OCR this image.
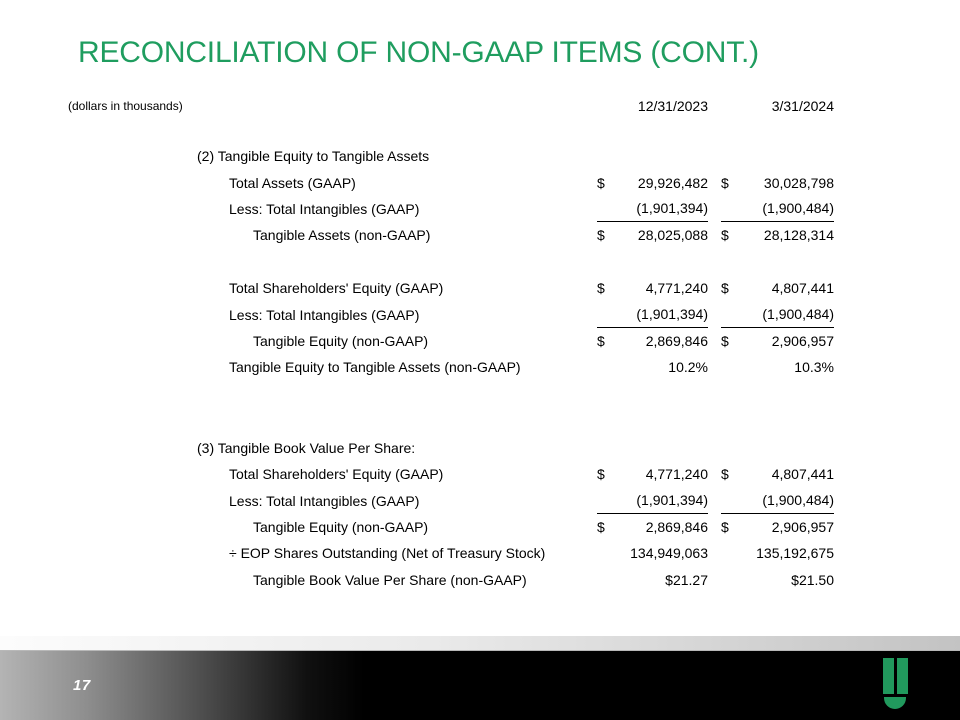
RECONCILIATION OF NON-GAAP ITEMS (CONT.)
(dollars in thousands)	12/31/2023	3/31/2024
(2) Tangible Equity to Tangible Assets
Total Assets (GAAP)	$ 29,926,482 $	30,028,798
Less: Total Intangibles (GAAP)	(1,901,394)	(1,900,484)
Tangible Assets (non-GAAP)	$ 28,025,088 $	28,128,314
Total Shareholders' Equity (GAAP)	$	4,771,240 $	4,807,441
Less: Total Intangibles (GAAP)	(1,901,394)	(1,900,484)
Tangible Equity (non-GAAP)	$	2,869,846 $	2,906,957
Tangible Equity to Tangible Assets (non-GAAP)	10.2%	10.3%
(3) Tangible Book Value Per Share:
Total Shareholders' Equity (GAAP)	$	4,771,240 $	4,807,441
Less: Total Intangibles (GAAP)	(1,901,394)	(1,900,484)
Tangible Equity (non-GAAP)	$	2,869,846 $	2,906,957
÷ EOP Shares Outstanding (Net of Treasury Stock)	134,949,063	135,192,675
Tangible Book Value Per Share (non-GAAP)	$21.27	$21.50
17
